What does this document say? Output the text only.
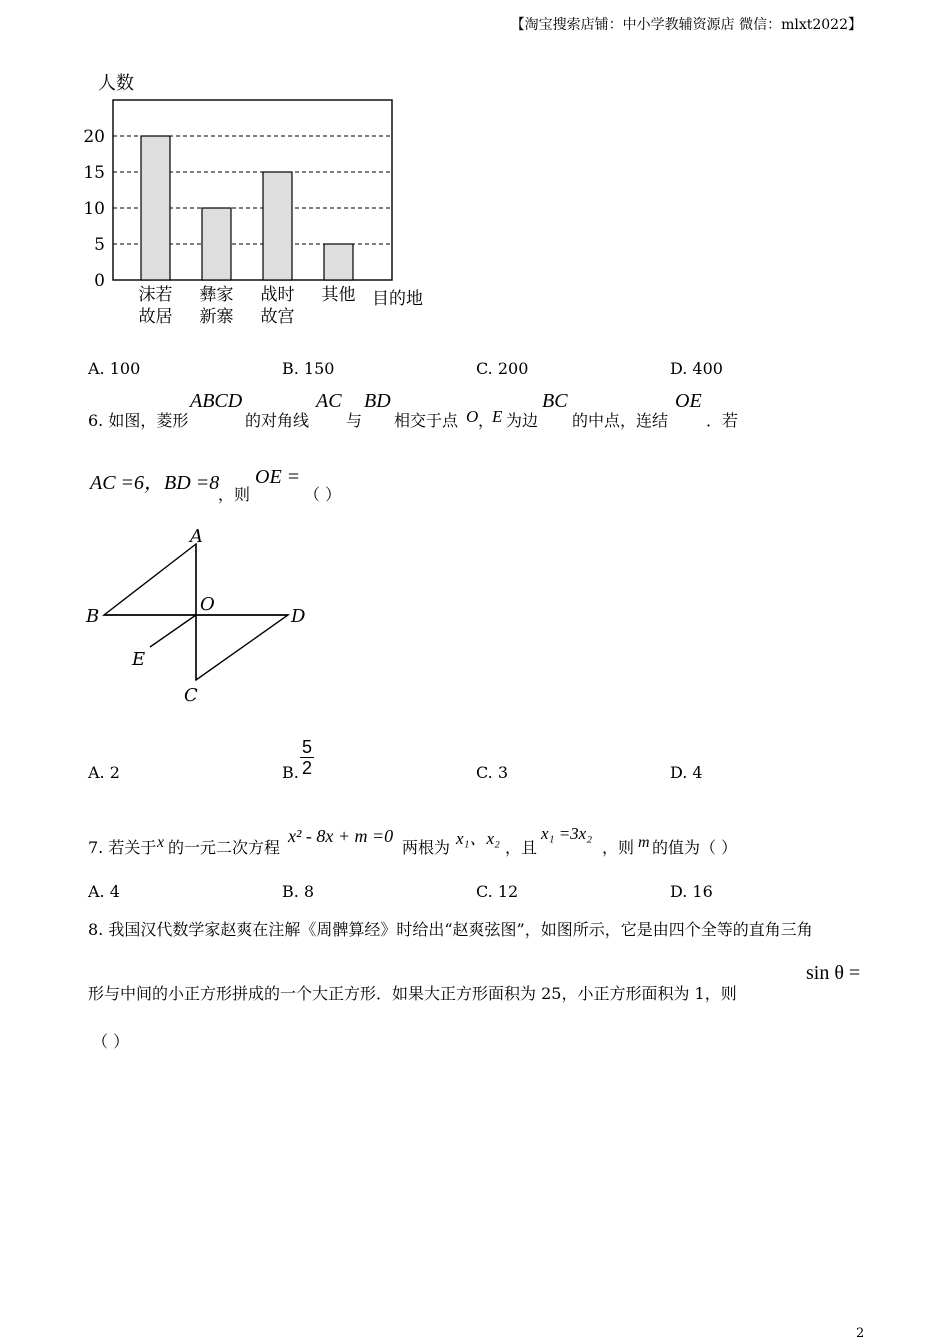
【淘宝搜索店铺：中小学教辅资源店 微信：mlxt2022】
人数
0
5
10
15
20
沫若
故居
彝家
新寨
战时
故宫
其他 目的地
A. 100	B. 150	C. 200	D. 400
6. 如图，菱形
ABCD
的对角线
AC
与
BD
相交于点 O ，
E 为边
BC
的中点，连结
OE
．若
AC =6，BD =8
，则
OE =
（ ）
A
B
O
D
E
C
A. 2	B. $\frac{5}{2}$	C. 3	D. 4
7. 若关于 x 的一元二次方程
x² - 8x + m =0
两根为 x₁、x₂ ，且
x₁ =3x₂
，则 m 的值为（ ）
A. 4	B. 8	C. 12	D. 16
8. 我国汉代数学家赵爽在注解《周髀算经》时给出“赵爽弦图”，如图所示，它是由四个全等的直角三角
形与中间的小正方形拼成的一个大正方形．如果大正方形面积为 25，小正方形面积为 1，则
sin θ =
（ ）
2
